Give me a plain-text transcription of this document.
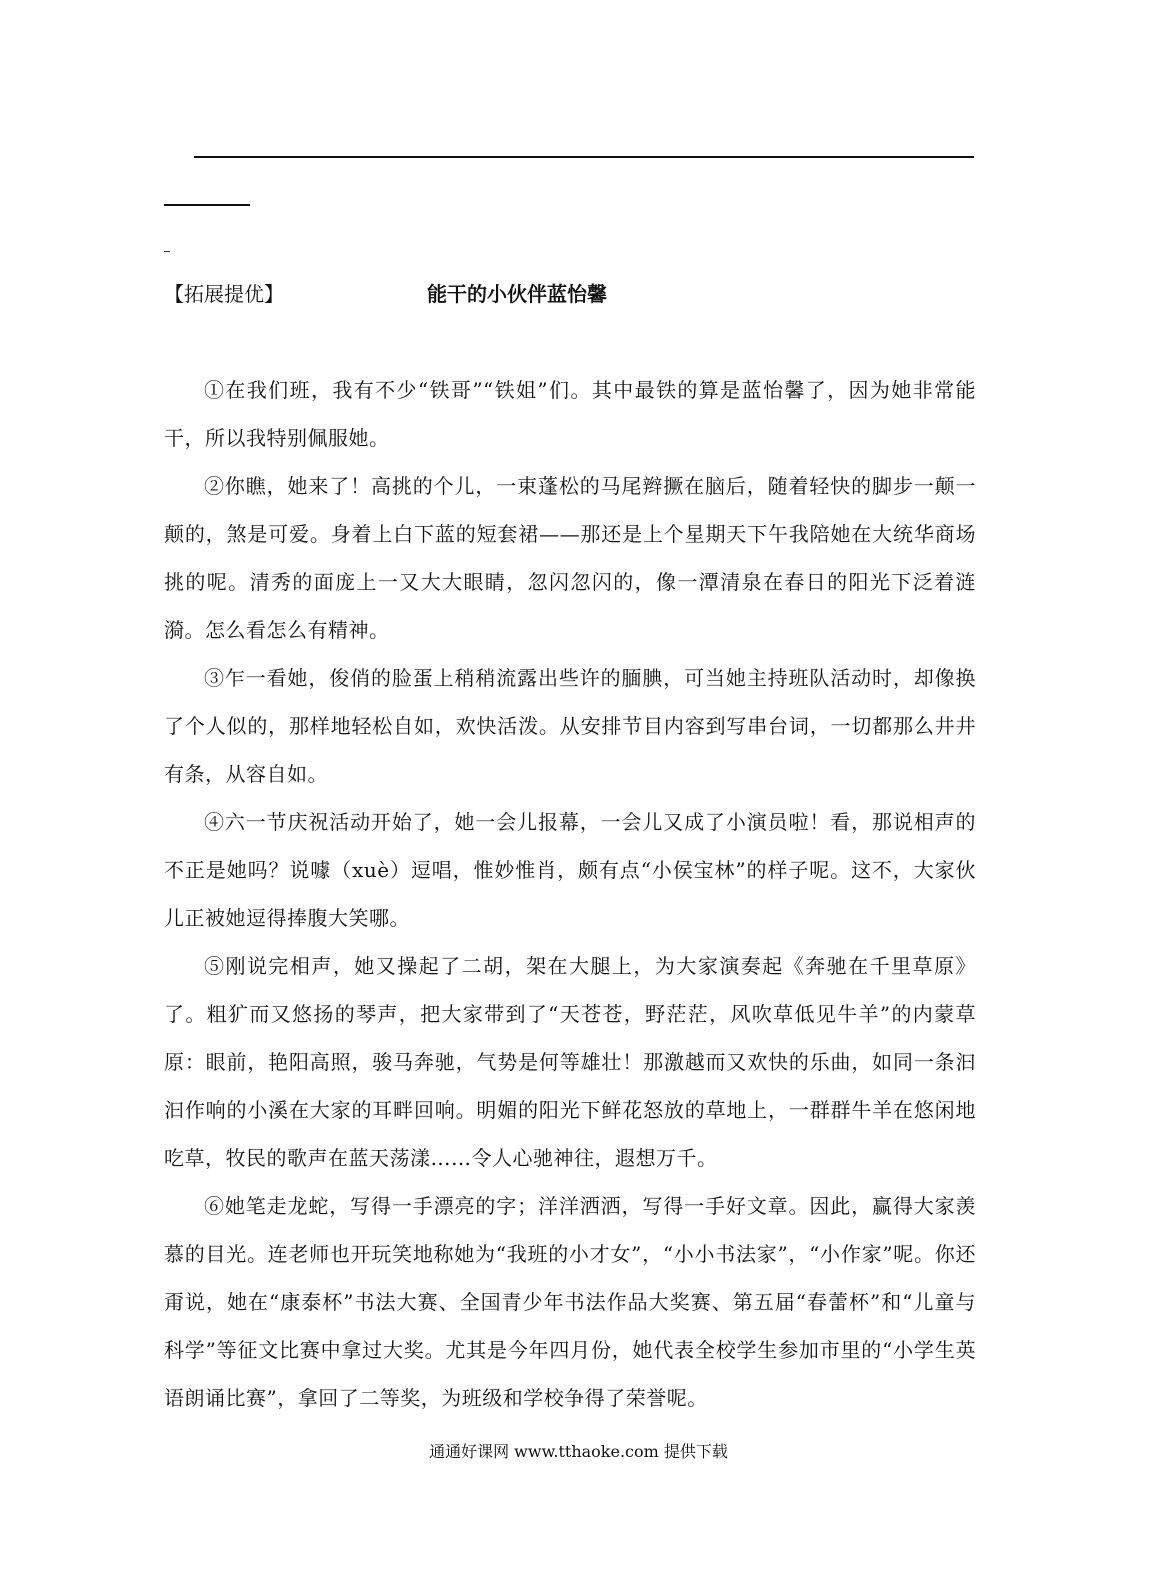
【拓展提优】	能干的小伙伴蓝怡馨

①在我们班，我有不少“铁哥”“铁姐”们。其中最铁的算是蓝怡馨了，因为她非常能干，所以我特别佩服她。

②你瞧，她来了！高挑的个儿，一束蓬松的马尾辫撅在脑后，随着轻快的脚步一颠一颠的，煞是可爱。身着上白下蓝的短套裙——那还是上个星期天下午我陪她在大统华商场挑的呢。清秀的面庞上一又大大眼睛，忽闪忽闪的，像一潭清泉在春日的阳光下泛着涟漪。怎么看怎么有精神。

③乍一看她，俊俏的脸蛋上稍稍流露出些许的腼腆，可当她主持班队活动时，却像换了个人似的，那样地轻松自如，欢快活泼。从安排节目内容到写串台词，一切都那么井井有条，从容自如。

④六一节庆祝活动开始了，她一会儿报幕，一会儿又成了小演员啦！看，那说相声的不正是她吗？说噱（xuè）逗唱，惟妙惟肖，颇有点“小侯宝林”的样子呢。这不，大家伙儿正被她逗得捧腹大笑哪。

⑤刚说完相声，她又操起了二胡，架在大腿上，为大家演奏起《奔驰在千里草原》了。粗犷而又悠扬的琴声，把大家带到了“天苍苍，野茫茫，风吹草低见牛羊”的内蒙草原：眼前，艳阳高照，骏马奔驰，气势是何等雄壮！那激越而又欢快的乐曲，如同一条汩汩作响的小溪在大家的耳畔回响。明媚的阳光下鲜花怒放的草地上，一群群牛羊在悠闲地吃草，牧民的歌声在蓝天荡漾……令人心驰神往，遐想万千。

⑥她笔走龙蛇，写得一手漂亮的字；洋洋洒洒，写得一手好文章。因此，赢得大家羡慕的目光。连老师也开玩笑地称她为“我班的小才女”，“小小书法家”，“小作家”呢。你还甭说，她在“康泰杯”书法大赛、全国青少年书法作品大奖赛、第五届“春蕾杯”和“儿童与科学”等征文比赛中拿过大奖。尤其是今年四月份，她代表全校学生参加市里的“小学生英语朗诵比赛”，拿回了二等奖，为班级和学校争得了荣誉呢。

通通好课网 www.tthaoke.com 提供下载
